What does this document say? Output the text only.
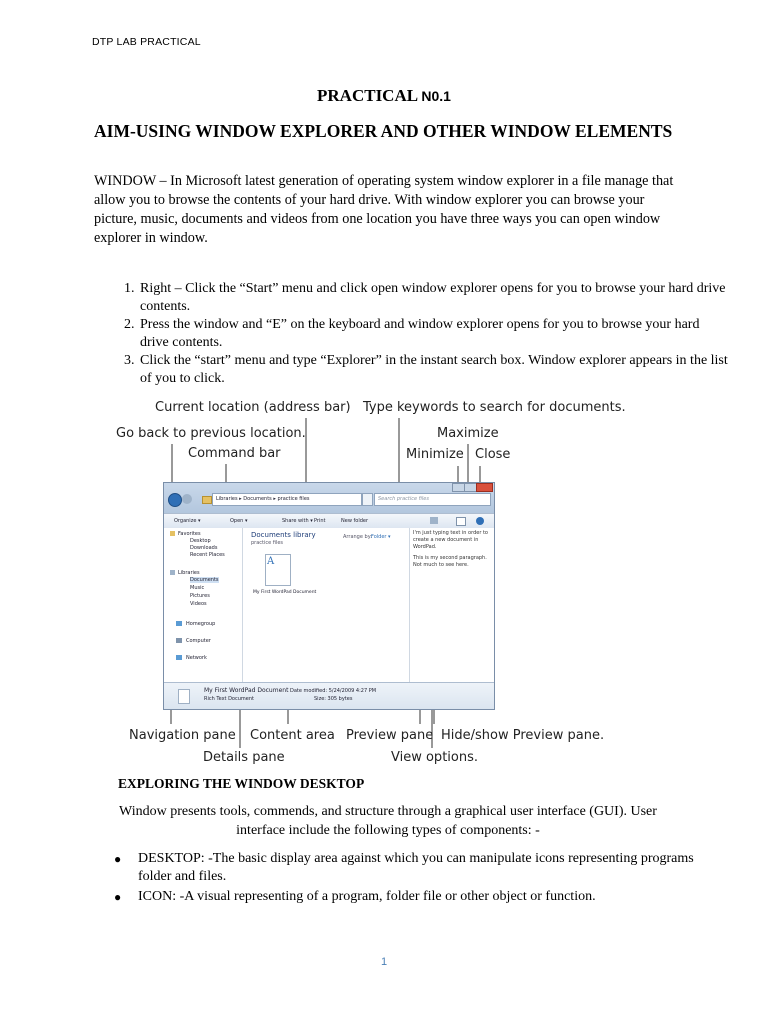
DTP LAB PRACTICAL
PRACTICAL N0.1
AIM-USING WINDOW EXPLORER AND OTHER WINDOW ELEMENTS
WINDOW – In Microsoft latest generation of operating system window explorer in a file manage that allow you to browse the contents of your hard drive. With window explorer you can browse your picture, music, documents and videos from one location you have three ways you can open window explorer in window.
1. Right – Click the “Start” menu and click open window explorer opens for you to browse your hard drive contents.
2. Press the window and “E” on the keyboard and window explorer opens for you to browse your hard drive contents.
3. Click the “start” menu and type “Explorer” in the instant search box. Window explorer appears in the list of you to click.
Current location (address bar) Type keywords to search for documents.
Go back to previous location.	Maximize
Command bar	Minimize Close
Libraries ▸ Documents ▸ practice files	Search practice files
Organize ▾	Open ▾	Share with ▾ Print	New folder
Favorites
Desktop
Downloads
Recent Places
Libraries
Documents
Music
Pictures
Videos
Homegroup
Computer
Network
Documents library
practice files
Arrange by: Folder ▾
A
My First WordPad Document
I'm just typing text in order to create a new document in WordPad.
This is my second paragraph. Not much to see here.
My First WordPad Document
Rich Text Document
Date modified: 5/24/2009 4:27 PM
Size: 305 bytes
Navigation pane Content area Preview pane Hide/show Preview pane.
Details pane	View options.
EXPLORING THE WINDOW DESKTOP
Window presents tools, commends, and structure through a graphical user interface (GUI). User interface include the following types of components: -
● DESKTOP: -The basic display area against which you can manipulate icons representing programs folder and files.
● ICON: -A visual representing of a program, folder file or other object or function.
1
